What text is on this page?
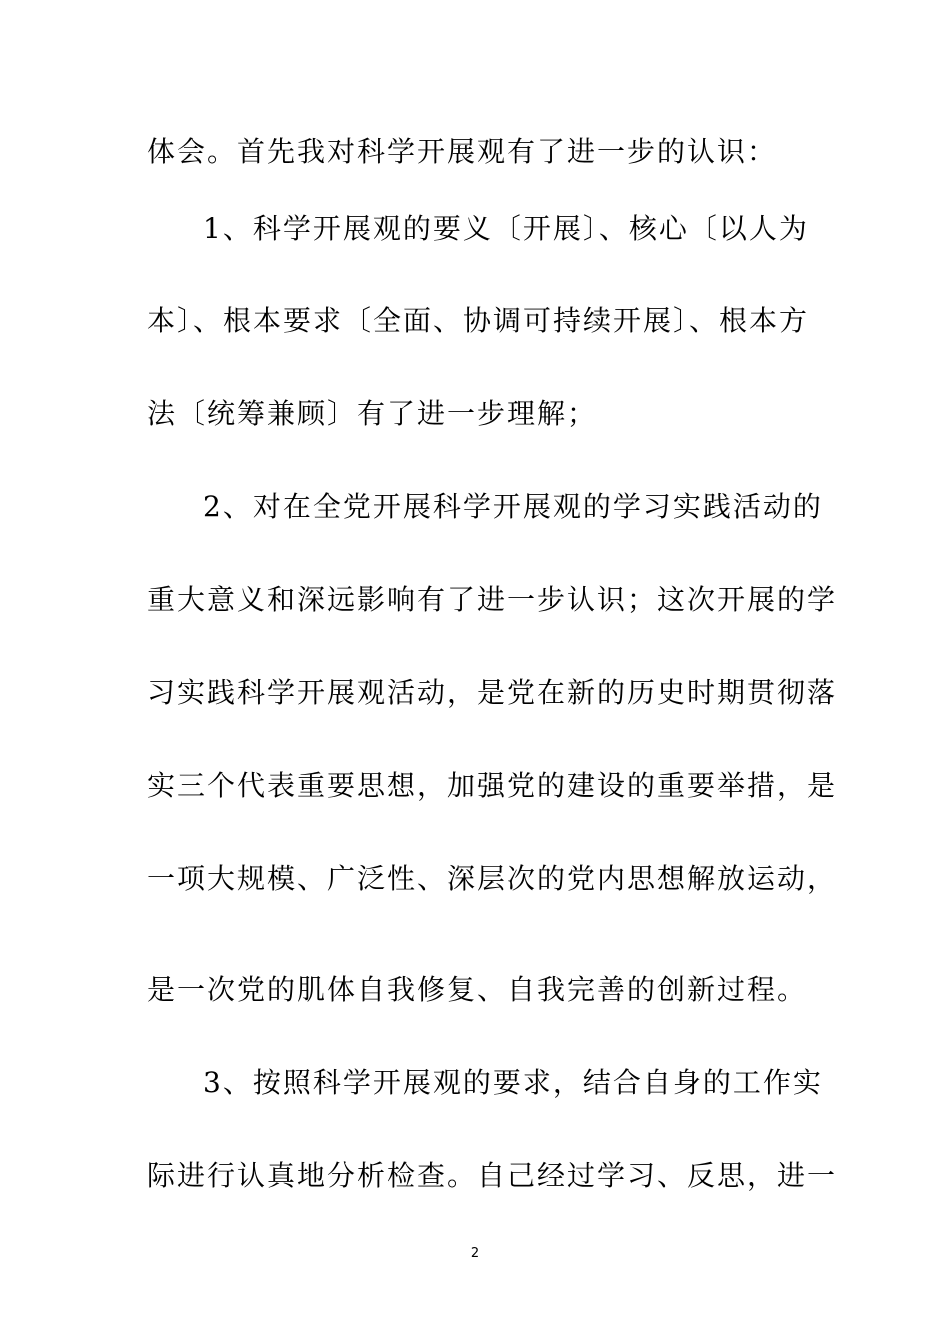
体会。首先我对科学开展观有了进一步的认识：
1、科学开展观的要义〔开展〕、核心〔以人为
本〕、根本要求〔全面、协调可持续开展〕、根本方
法〔统筹兼顾〕有了进一步理解；
2、对在全党开展科学开展观的学习实践活动的
重大意义和深远影响有了进一步认识；这次开展的学
习实践科学开展观活动，是党在新的历史时期贯彻落
实三个代表重要思想，加强党的建设的重要举措，是
一项大规模、广泛性、深层次的党内思想解放运动，
是一次党的肌体自我修复、自我完善的创新过程。
3、按照科学开展观的要求，结合自身的工作实
际进行认真地分析检查。自己经过学习、反思，进一
2
